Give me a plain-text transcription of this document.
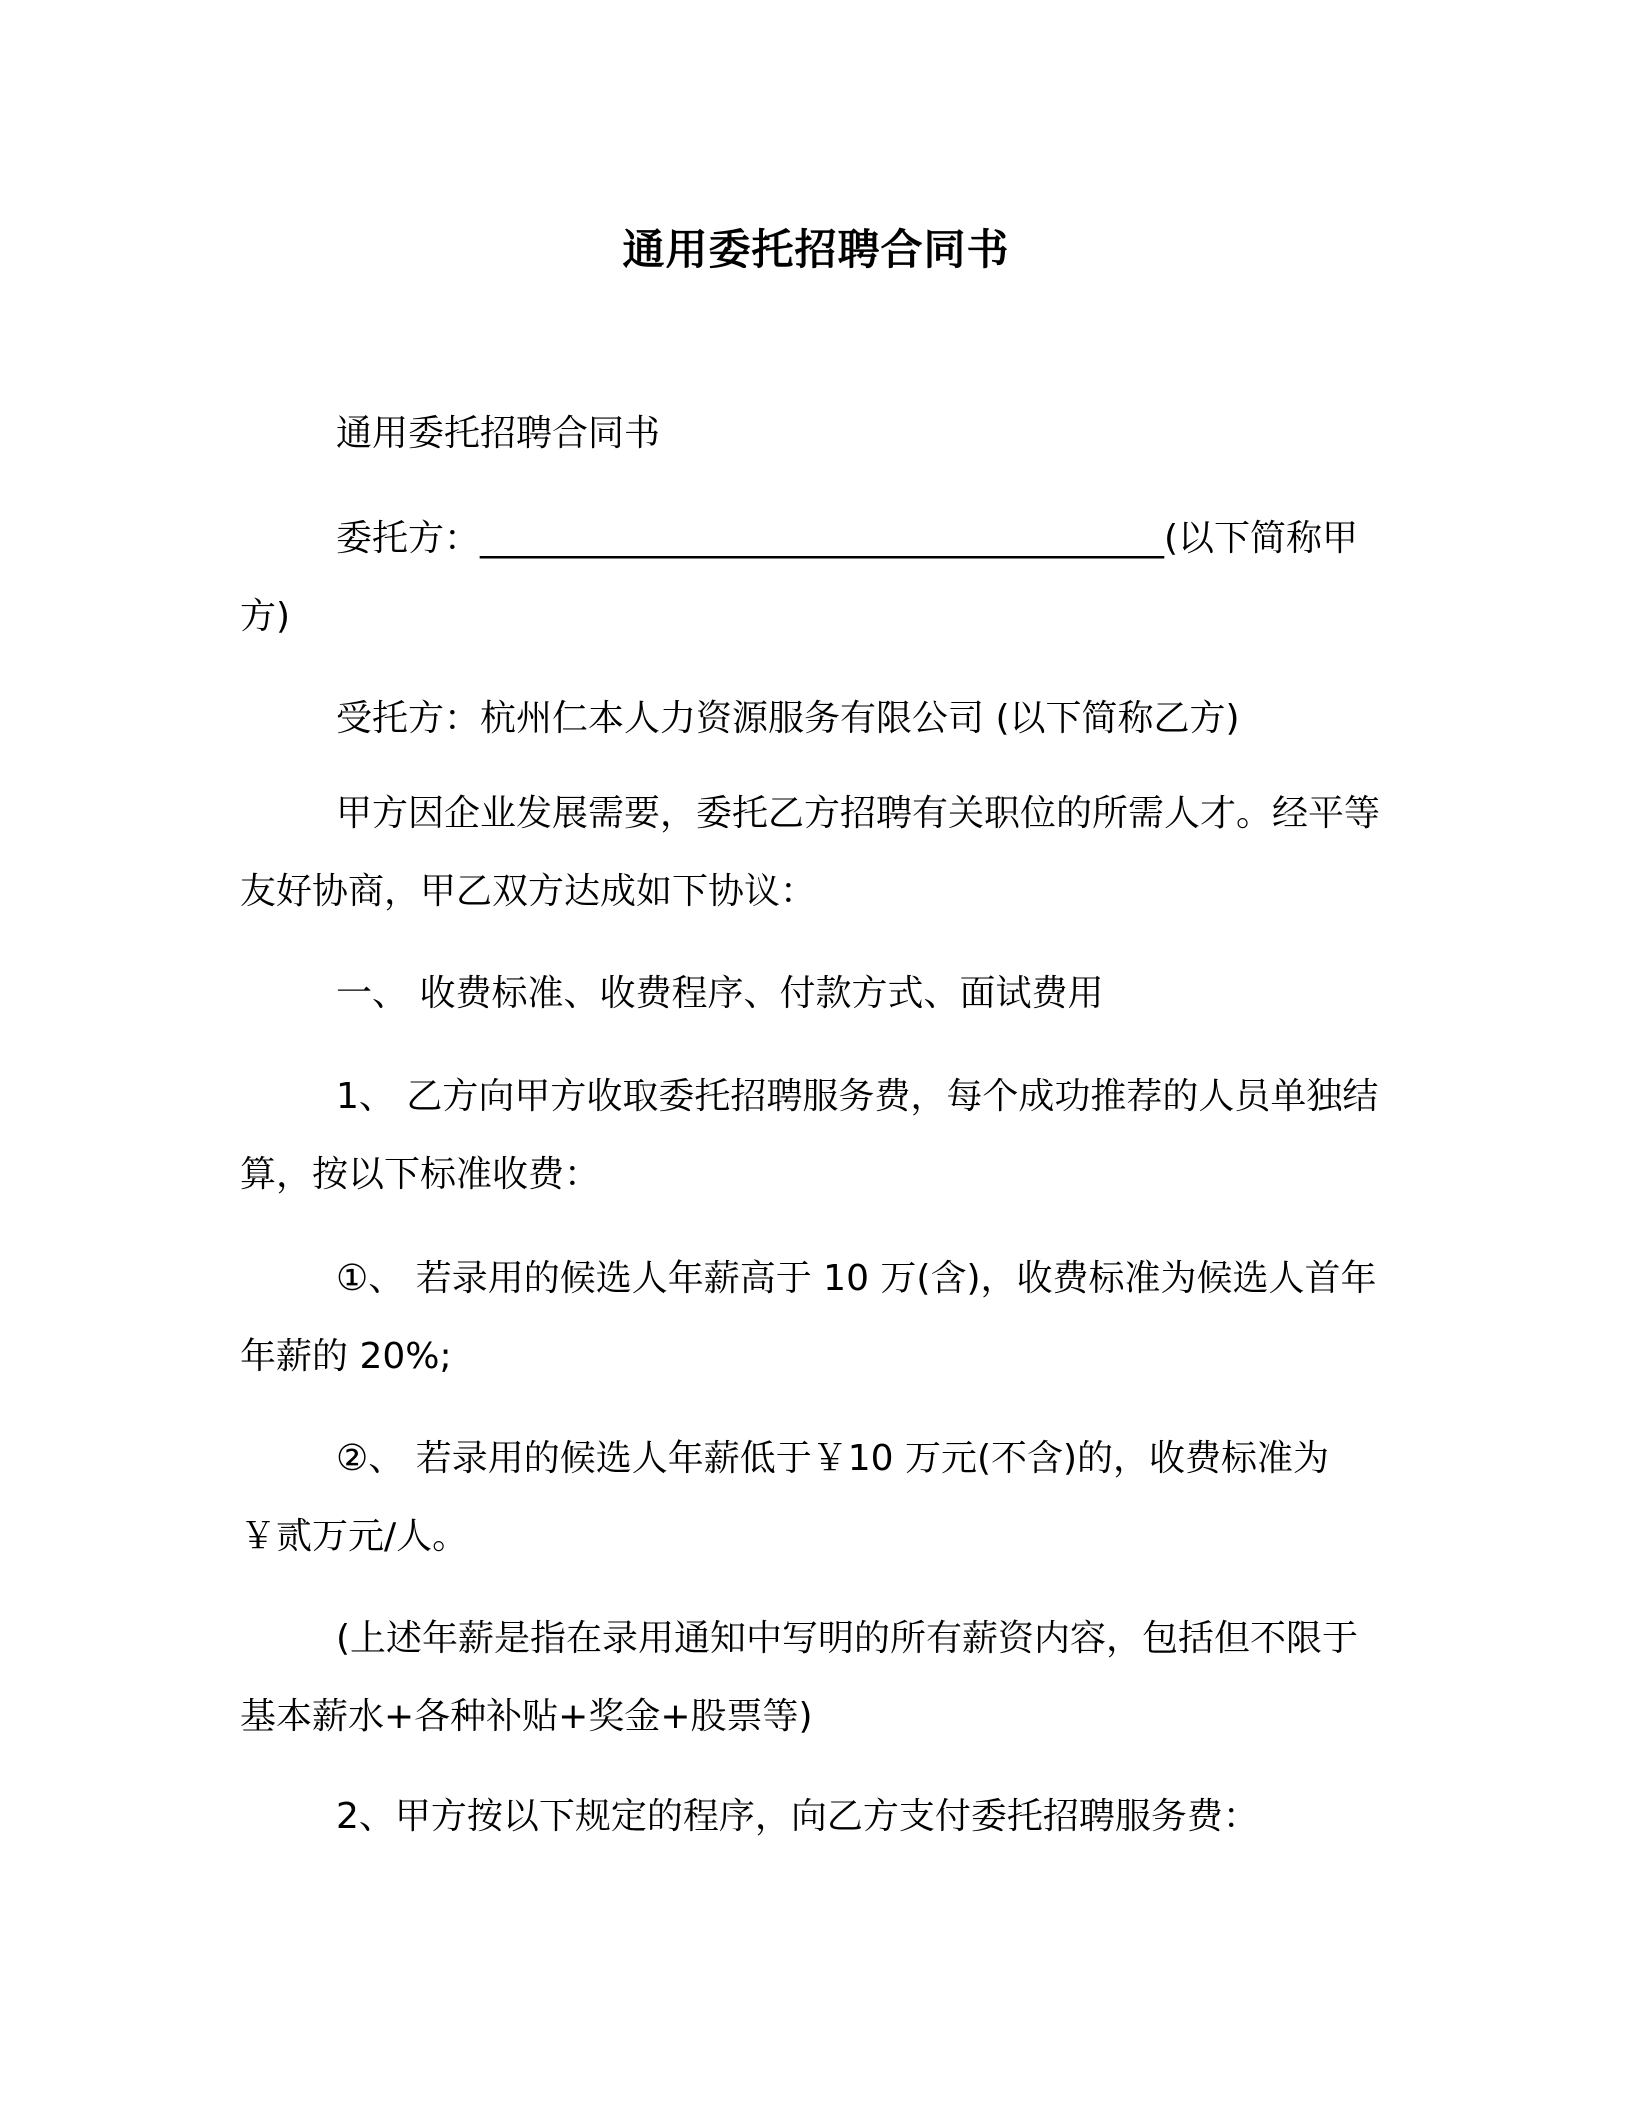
通用委托招聘合同书

通用委托招聘合同书

委托方：______________________________________(以下简称甲方)

受托方：杭州仁本人力资源服务有限公司 (以下简称乙方)

甲方因企业发展需要，委托乙方招聘有关职位的所需人才。经平等友好协商，甲乙双方达成如下协议：

一、 收费标准、收费程序、付款方式、面试费用

1、 乙方向甲方收取委托招聘服务费，每个成功推荐的人员单独结算，按以下标准收费：

①、 若录用的候选人年薪高于 10 万(含)，收费标准为候选人首年年薪的 20%;

②、 若录用的候选人年薪低于￥10 万元(不含)的，收费标准为￥贰万元/人。

(上述年薪是指在录用通知中写明的所有薪资内容，包括但不限于基本薪水+各种补贴+奖金+股票等)

2、甲方按以下规定的程序，向乙方支付委托招聘服务费：
